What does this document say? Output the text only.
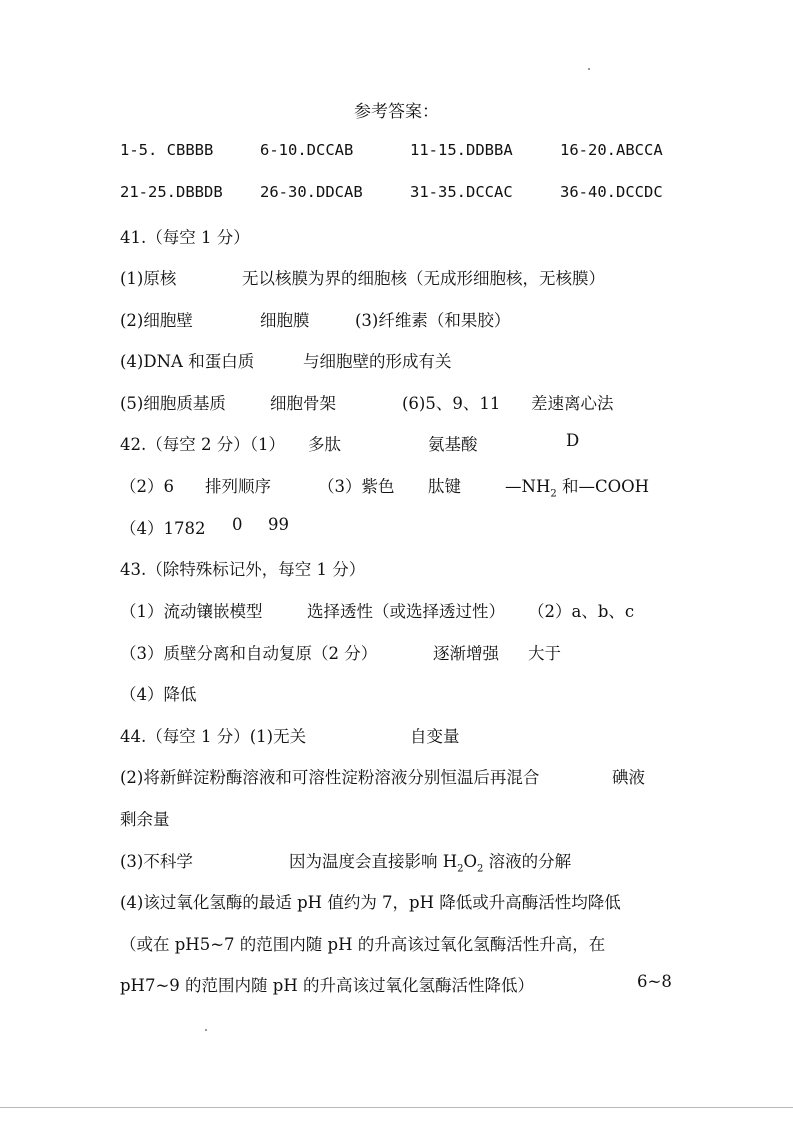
参考答案：
1-5. CBBBB	6-10.DCCAB	11-15.DDBBA	16-20.ABCCA
21-25.DBBDB 26-30.DDCAB	31-35.DCCAC	36-40.DCCDC
41.（每空 1 分）
(1)原核	无以核膜为界的细胞核（无成形细胞核，无核膜）
(2)细胞壁	细胞膜	(3)纤维素（和果胶）
(4)DNA 和蛋白质	与细胞壁的形成有关
(5)细胞质基质	细胞骨架	(6)5、9、11 差速离心法
42.（每空 2 分）（1） 多肽	氨基酸	D
（2）6 排列顺序	（3）紫色 肽键	$—NH_2$ 和—COOH
（4）1782 0 99
43.（除特殊标记外，每空 1 分）
（1）流动镶嵌模型	选择透性（或选择透过性） （2）a、b、c
（3）质壁分离和自动复原（2 分）	逐渐增强 大于
（4）降低
44.（每空 1 分）(1)无关	自变量
(2)将新鲜淀粉酶溶液和可溶性淀粉溶液分别恒温后再混合	碘液
剩余量
(3)不科学	因为温度会直接影响 $H_2O_2$ 溶液的分解
(4)该过氧化氢酶的最适 pH 值约为 7，pH 降低或升高酶活性均降低
（或在 pH5~7 的范围内随 pH 的升高该过氧化氢酶活性升高，在
pH7~9 的范围内随 pH 的升高该过氧化氢酶活性降低）	6~8
